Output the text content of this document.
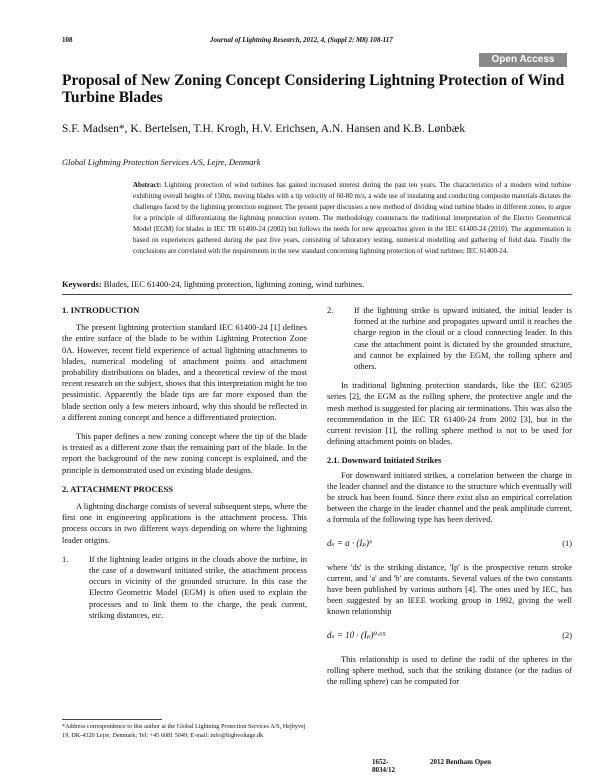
108	Journal of Lightning Research, 2012, 4, (Suppl 2: M8) 108-117
Open Access
Proposal of New Zoning Concept Considering Lightning Protection of Wind Turbine Blades
S.F. Madsen*, K. Bertelsen, T.H. Krogh, H.V. Erichsen, A.N. Hansen and K.B. Lønbæk
Global Lightning Protection Services A/S, Lejre, Denmark
Abstract: Lightning protection of wind turbines has gained increased interest during the past ten years. The characteristics of a modern wind turbine exhibiting overall heights of 150m, moving blades with a tip velocity of 60-80 m/s, a wide use of insulating and conducting composite materials dictates the challenges faced by the lightning protection engineer. The present paper discusses a new method of dividing wind turbine blades in different zones, to argue for a principle of differentiating the lightning protection system. The methodology counteracts the traditional interpretation of the Electro Geometrical Model (EGM) for blades in IEC TR 61400-24 (2002) but follows the needs for new approaches given in the IEC 61400-24 (2010). The argumentation is based on experiences gathered during the past five years, consisting of laboratory testing, numerical modelling and gathering of field data. Finally the conclusions are correlated with the requirements in the new standard concerning lightning protection of wind turbines; IEC 61400-24.
Keywords: Blades, IEC 61400-24, lightning protection, lightning zoning, wind turbines.
1. INTRODUCTION

The present lightning protection standard IEC 61400-24 [1] defines the entire surface of the blade to be within Lightning Protection Zone 0A. However, recent field experience of actual lightning attachments to blades, numerical modeling of attachment points and attachment probability distributions on blades, and a theoretical review of the most recent research on the subject, shows that this interpretation might be too pessimistic. Apparently the blade tips are far more exposed than the blade section only a few meters inboard, why this should be reflected in a different zoning concept and hence a differentiated protection.

This paper defines a new zoning concept where the tip of the blade is treated as a different zone than the remaining part of the blade. In the report the background of the new zoning concept is explained, and the principle is demonstrated used on existing blade designs.

2. ATTACHMENT PROCESS

A lightning discharge consists of several subsequent steps, where the first one in engineering applications is the attachment process. This process occurs in two different ways depending on where the lightning leader origins.

1. If the lightning leader origins in the clouds above the turbine, in the case of a downward initiated strike, the attachment process occurs in vicinity of the grounded structure. In this case the Electro Geometric Model (EGM) is often used to explain the processes and to link them to the charge, the peak current, striking distances, etc.
2. If the lightning strike is upward initiated, the initial leader is formed at the turbine and propagates upward until it reaches the charge region in the cloud or a cloud connecting leader. In this case the attachment point is dictated by the grounded structure, and cannot be explained by the EGM, the rolling sphere and others.

In traditional lightning protection standards, like the IEC 62305 series [2], the EGM as the rolling sphere, the protective angle and the mesh method is suggested for placing air terminations. This was also the recommendation in the IEC TR 61400-24 from 2002 [3], but in the current revision [1], the rolling sphere method is not to be used for defining attachment points on blades.

2.1. Downward Initiated Strikes

For downward initiated strikes, a correlation between the charge in the leader channel and the distance to the structure which eventually will be struck has been found. Since there exist also an empirical correlation between the charge in the leader channel and the peak amplitude current, a formula of the following type has been derived.

dₛ = a · (Iₚ)ᵇ	(1)

where 'ds' is the striking distance, 'Ip' is the prospective return stroke current, and 'a' and 'b' are constants. Several values of the two constants have been published by various authors [4]. The ones used by IEC, has been suggested by an IEEE working group in 1992, giving the well known relationship

dₛ = 10 · (Iₚ)⁰·⁶⁵	(2)

This relationship is used to define the radii of the spheres in the rolling sphere method, such that the striking distance (or the radius of the rolling sphere) can be computed for

*Address correspondence to this author at the Global Lightning Protection Services A/S, Hejbyvej 19, DK-4320 Lejre, Denmark; Tel: +45 6081 5049; E-mail: info@highvoltage.dk
1652-8034/12
2012 Bentham Open
